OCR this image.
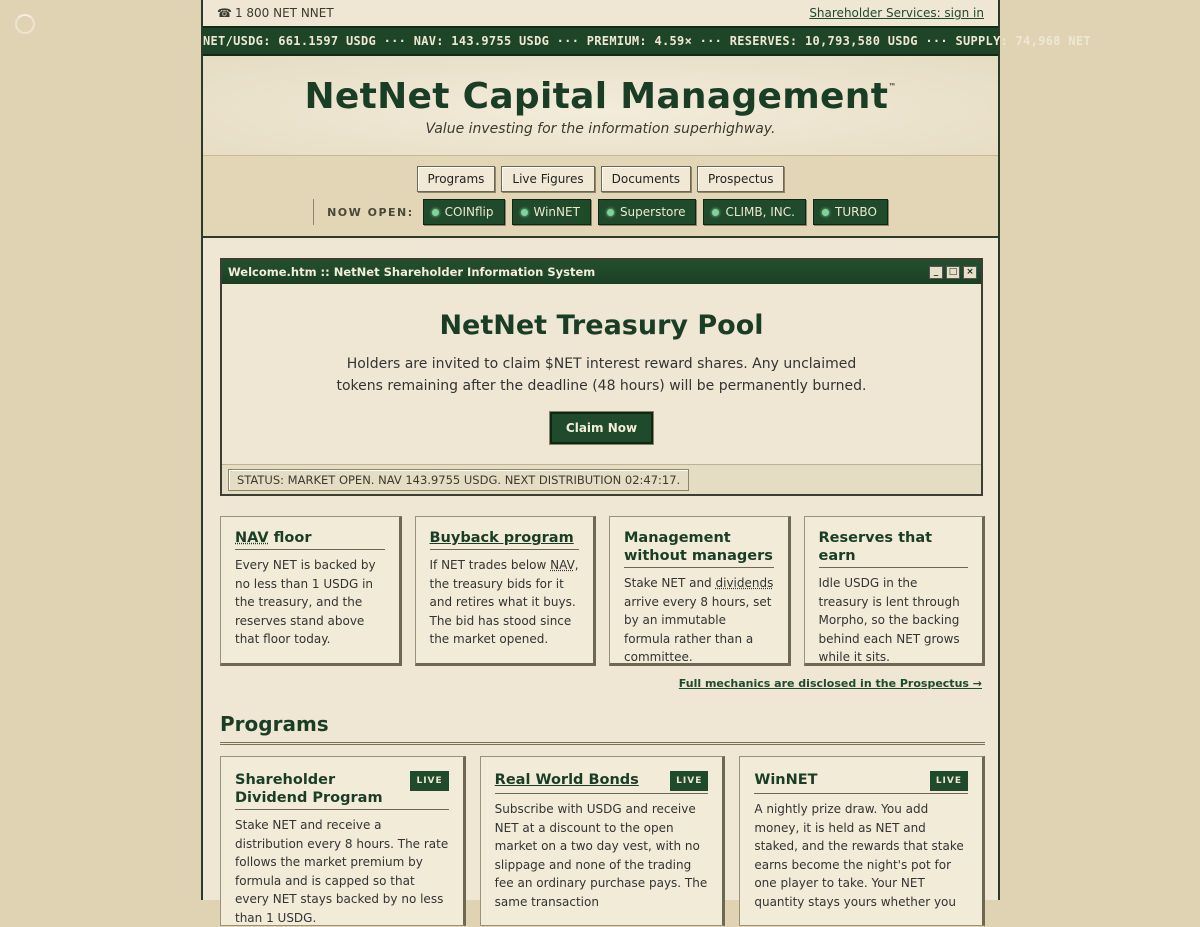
☎ 1 800 NET NNET	Shareholder Services: sign in
NET/USDG: 661.1597 USDG ··· NAV: 143.9755 USDG ··· PREMIUM: 4.59× ··· RESERVES: 10,793,580 USDG ··· SUPPLY: 74,968 NET
NetNet Capital Management™
Value investing for the information superhighway.
Programs	Live Figures	Documents	Prospectus
NOW OPEN:	COINflip	WinNET	Superstore	CLIMB, INC.	TURBO
Welcome.htm :: NetNet Shareholder Information System	_	□ ×
NetNet Treasury Pool

Holders are invited to claim $NET interest reward shares. Any unclaimed tokens remaining after the deadline (48 hours) will be permanently burned.

Claim Now
STATUS: MARKET OPEN. NAV 143.9755 USDG. NEXT DISTRIBUTION 02:47:17.
NAV floor

Every NET is backed by no less than 1 USDG in the treasury, and the reserves stand above that floor today.

Buyback program

If NET trades below NAV, the treasury bids for it and retires what it buys. The bid has stood since the market opened.

Management without managers

Stake NET and dividends arrive every 8 hours, set by an immutable formula rather than a committee.

Reserves that earn

Idle USDG in the treasury is lent through Morpho, so the backing behind each NET grows while it sits.

Full mechanics are disclosed in the Prospectus →
Programs
Shareholder Dividend Program
LIVE

Stake NET and receive a distribution every 8 hours. The rate follows the market premium by formula and is capped so that every NET stays backed by no less than 1 USDG.

Real World Bonds	LIVE

Subscribe with USDG and receive NET at a discount to the open market on a two day vest, with no slippage and none of the trading fee an ordinary purchase pays. The same transaction

WinNET	LIVE

A nightly prize draw. You add money, it is held as NET and staked, and the rewards that stake earns become the night's pot for one player to take. Your NET quantity stays yours whether you
